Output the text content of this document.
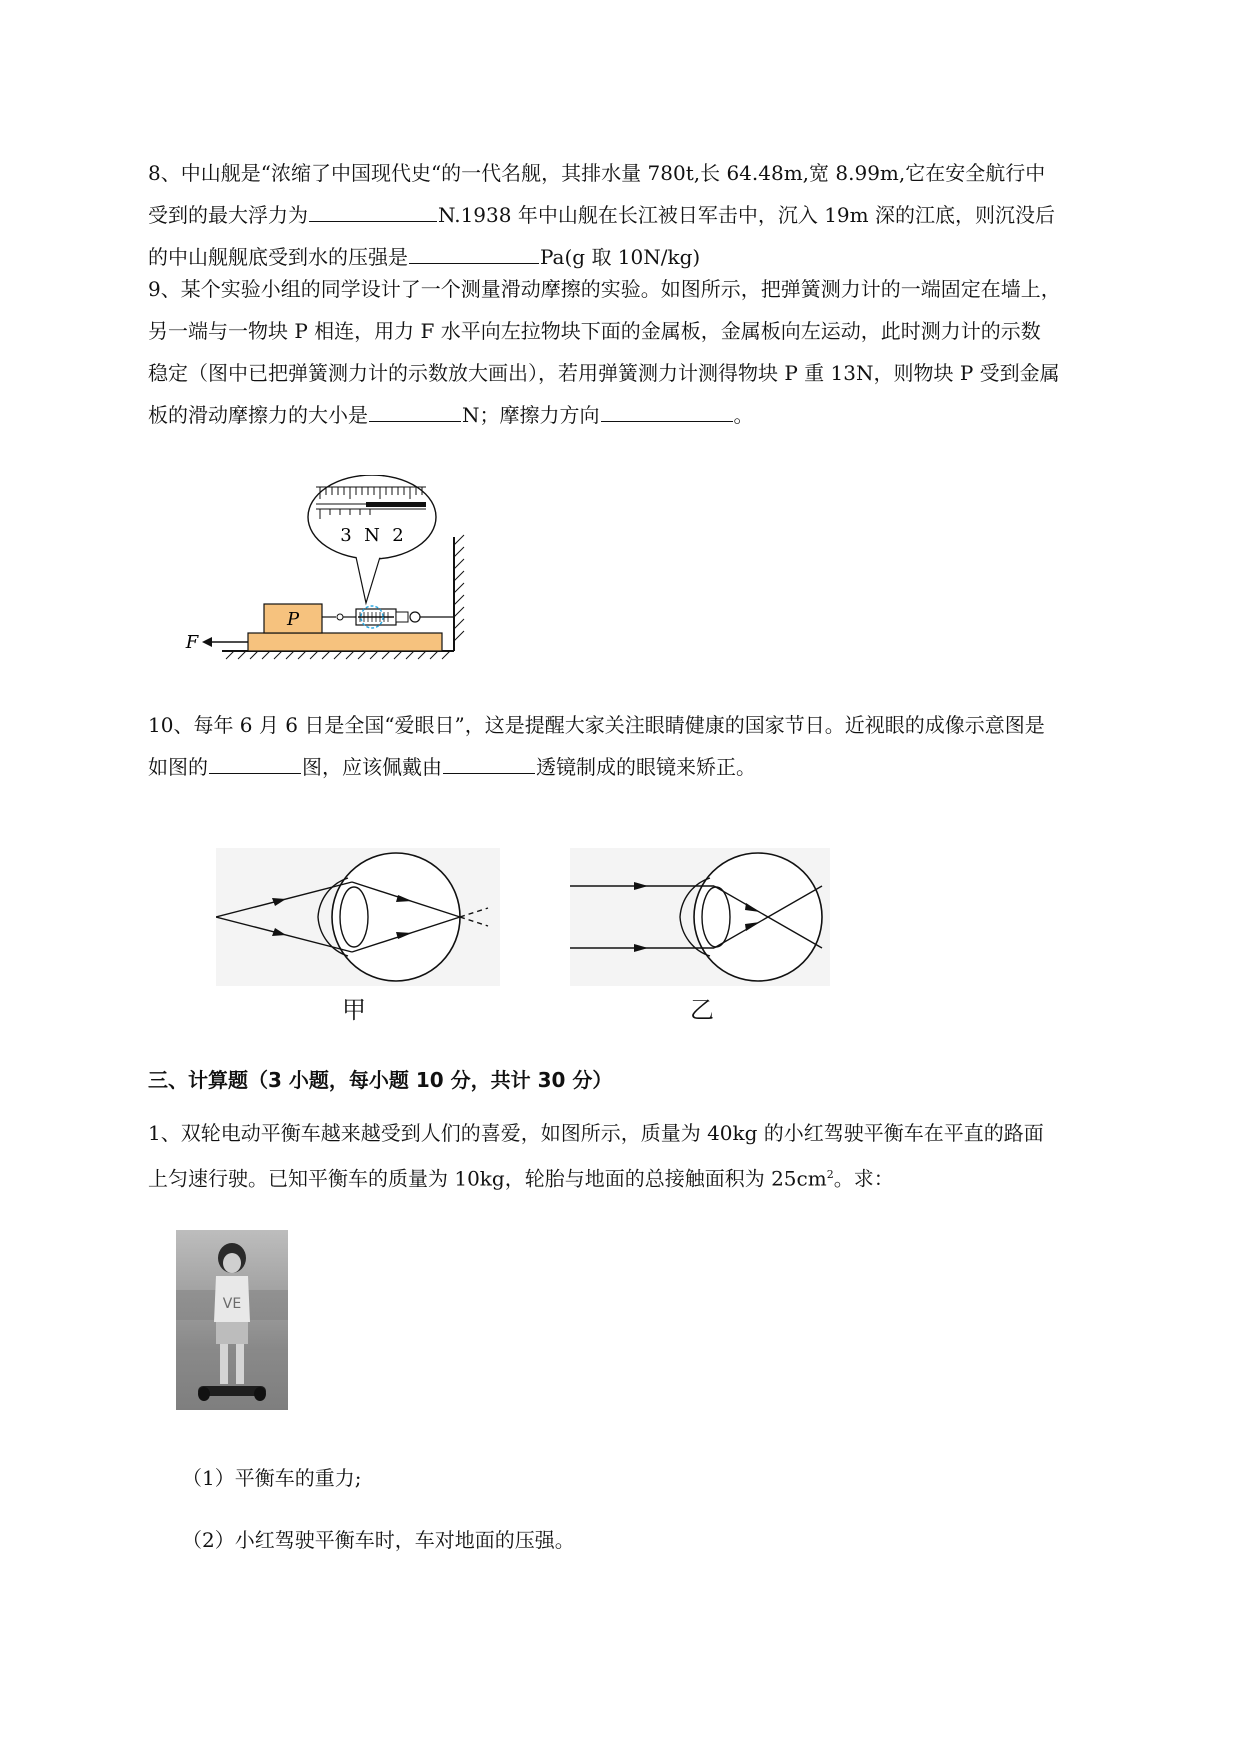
8、中山舰是“浓缩了中国现代史“的一代名舰，其排水量 780t,长 64.48m,宽 8.99m,它在安全航行中
受到的最大浮力为	N.1938 年中山舰在长江被日军击中，沉入 19m 深的江底，则沉没后
的中山舰舰底受到水的压强是	Pa(g 取 10N/kg)
9、某个实验小组的同学设计了一个测量滑动摩擦的实验。如图所示，把弹簧测力计的一端固定在墙上，
另一端与一物块 P 相连，用力 F 水平向左拉物块下面的金属板，金属板向左运动，此时测力计的示数
稳定（图中已把弹簧测力计的示数放大画出），若用弹簧测力计测得物块 P 重 13N，则物块 P 受到金属
板的滑动摩擦力的大小是	N；摩擦力方向	。
P
F
3 N 2
10、每年 6 月 6 日是全国“爱眼日”，这是提醒大家关注眼睛健康的国家节日。近视眼的成像示意图是
如图的	图，应该佩戴由	透镜制成的眼镜来矫正。
甲	乙
三、计算题（3 小题，每小题 10 分，共计 30 分）
1、双轮电动平衡车越来越受到人们的喜爱，如图所示，质量为 40kg 的小红驾驶平衡车在平直的路面
上匀速行驶。已知平衡车的质量为 10kg，轮胎与地面的总接触面积为 $25cm^2$。求：
VE
（1）平衡车的重力;
（2）小红驾驶平衡车时，车对地面的压强。
